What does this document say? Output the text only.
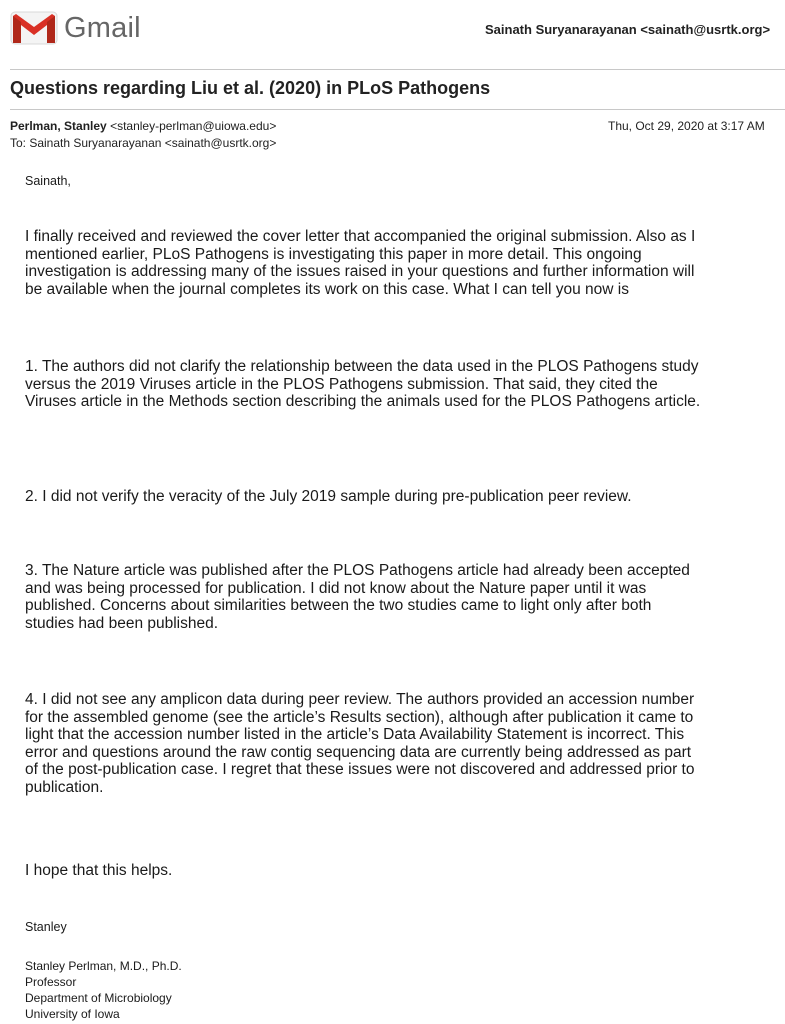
Gmail	Sainath Suryanarayanan <sainath@usrtk.org>
Questions regarding Liu et al. (2020) in PLoS Pathogens
Perlman, Stanley <stanley-perlman@uiowa.edu>	Thu, Oct 29, 2020 at 3:17 AM
To: Sainath Suryanarayanan <sainath@usrtk.org>
Sainath,
I finally received and reviewed the cover letter that accompanied the original submission. Also as I
mentioned earlier, PLoS Pathogens is investigating this paper in more detail. This ongoing
investigation is addressing many of the issues raised in your questions and further information will
be available when the journal completes its work on this case. What I can tell you now is
1. The authors did not clarify the relationship between the data used in the PLOS Pathogens study
versus the 2019 Viruses article in the PLOS Pathogens submission. That said, they cited the
Viruses article in the Methods section describing the animals used for the PLOS Pathogens article.
2. I did not verify the veracity of the July 2019 sample during pre-publication peer review.
3. The Nature article was published after the PLOS Pathogens article had already been accepted
and was being processed for publication. I did not know about the Nature paper until it was
published. Concerns about similarities between the two studies came to light only after both
studies had been published.
4. I did not see any amplicon data during peer review. The authors provided an accession number
for the assembled genome (see the article’s Results section), although after publication it came to
light that the accession number listed in the article’s Data Availability Statement is incorrect. This
error and questions around the raw contig sequencing data are currently being addressed as part
of the post-publication case. I regret that these issues were not discovered and addressed prior to
publication.
I hope that this helps.
Stanley
Stanley Perlman, M.D., Ph.D.
Professor
Department of Microbiology
University of Iowa
